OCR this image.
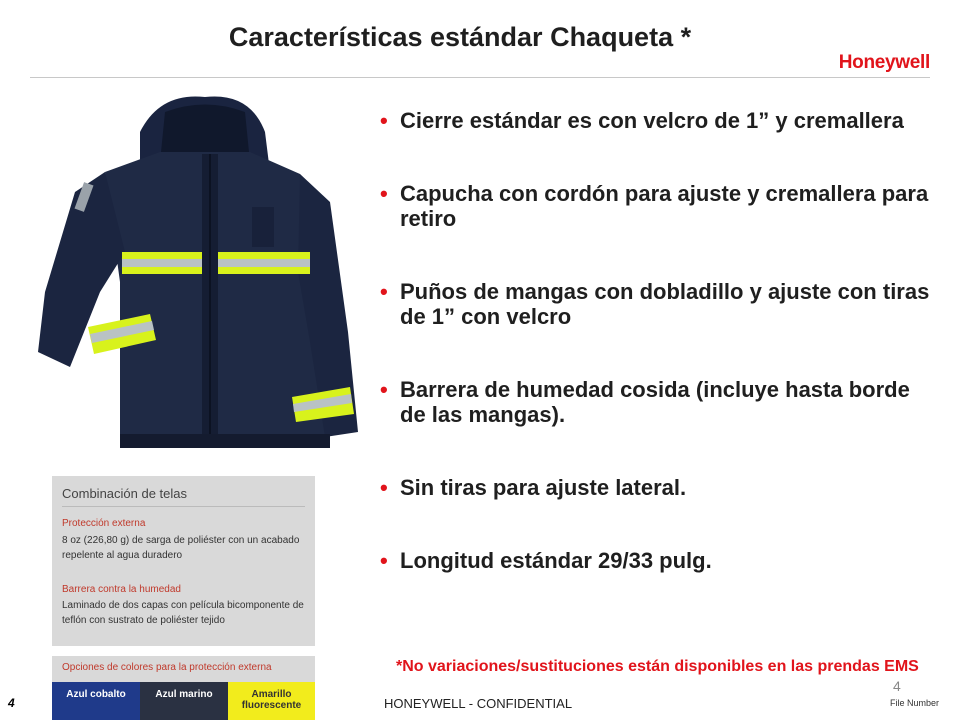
Características estándar Chaqueta *
Honeywell
Combinación de telas
Protección externa
8 oz (226,80 g) de sarga de poliéster con un acabado repelente al agua duradero
Barrera contra la humedad
Laminado de dos capas con película bicomponente de teflón con sustrato de poliéster tejido
Opciones de colores para la protección externa
Azul cobalto	Azul marino	Amarillo fluorescente
• Cierre estándar es con velcro de 1” y cremallera
• Capucha con cordón para ajuste y cremallera para retiro
• Puños de mangas con dobladillo y ajuste con tiras de 1” con velcro
• Barrera de humedad cosida (incluye hasta borde de las mangas).
• Sin tiras para ajuste lateral.
• Longitud estándar 29/33 pulg.
*No variaciones/sustituciones están disponibles en las prendas EMS
4	HONEYWELL - CONFIDENTIAL
4
File Number
